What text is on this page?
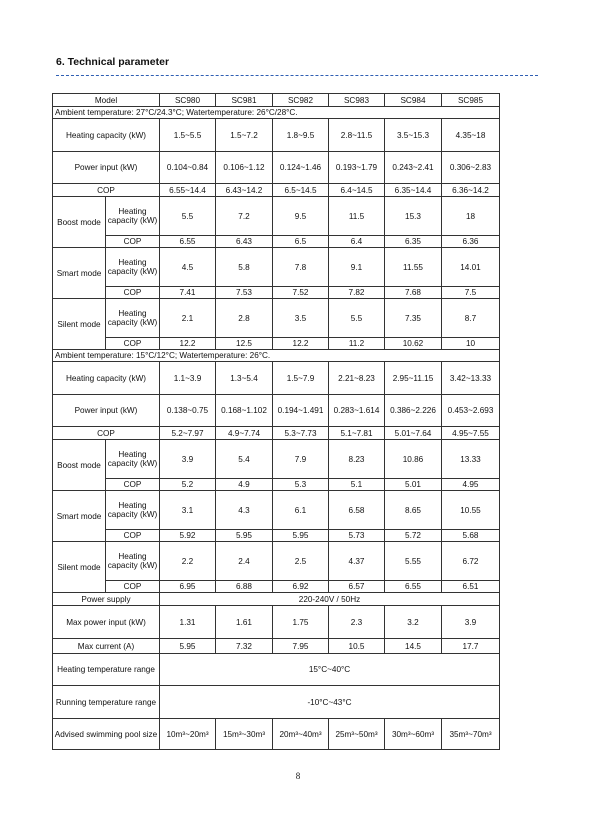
6. Technical parameter
Model		SC980	SC981	SC982	SC983	SC984	SC985
Ambient temperature: 27°C/24.3°C; Watertemperature: 26°C/28°C.							
Heating capacity (kW)		1.5~5.5	1.5~7.2	1.8~9.5	2.8~11.5	3.5~15.3	4.35~18
Power input (kW)		0.104~0.84	0.106~1.12	0.124~1.46	0.193~1.79	0.243~2.41	0.306~2.83
COP		6.55~14.4	6.43~14.2	6.5~14.5	6.4~14.5	6.35~14.4	6.36~14.2
Boost mode	Heating capacity (kW)	5.5	7.2	9.5	11.5	15.3	18
	COP	6.55	6.43	6.5	6.4	6.35	6.36
Smart mode	Heating capacity (kW)	4.5	5.8	7.8	9.1	11.55	14.01
	COP	7.41	7.53	7.52	7.82	7.68	7.5
Silent mode	Heating capacity (kW)	2.1	2.8	3.5	5.5	7.35	8.7
	COP	12.2	12.5	12.2	11.2	10.62	10
Ambient temperature: 15°C/12°C; Watertemperature: 26°C.							
Heating capacity (kW)		1.1~3.9	1.3~5.4	1.5~7.9	2.21~8.23	2.95~11.15	3.42~13.33
Power input (kW)		0.138~0.75	0.168~1.102	0.194~1.491	0.283~1.614	0.386~2.226	0.453~2.693
COP		5.2~7.97	4.9~7.74	5.3~7.73	5.1~7.81	5.01~7.64	4.95~7.55
Boost mode	Heating capacity (kW)	3.9	5.4	7.9	8.23	10.86	13.33
	COP	5.2	4.9	5.3	5.1	5.01	4.95
Smart mode	Heating capacity (kW)	3.1	4.3	6.1	6.58	8.65	10.55
	COP	5.92	5.95	5.95	5.73	5.72	5.68
Silent mode	Heating capacity (kW)	2.2	2.4	2.5	4.37	5.55	6.72
	COP	6.95	6.88	6.92	6.57	6.55	6.51
Power supply		220-240V / 50Hz					
Max power input (kW)		1.31	1.61	1.75	2.3	3.2	3.9
Max current (A)		5.95	7.32	7.95	10.5	14.5	17.7
Heating temperature range		15°C~40°C					
Running temperature range		-10°C~43°C					
Advised swimming pool size		10m³~20m³	15m³~30m³	20m³~40m³	25m³~50m³	30m³~60m³	35m³~70m³
8
